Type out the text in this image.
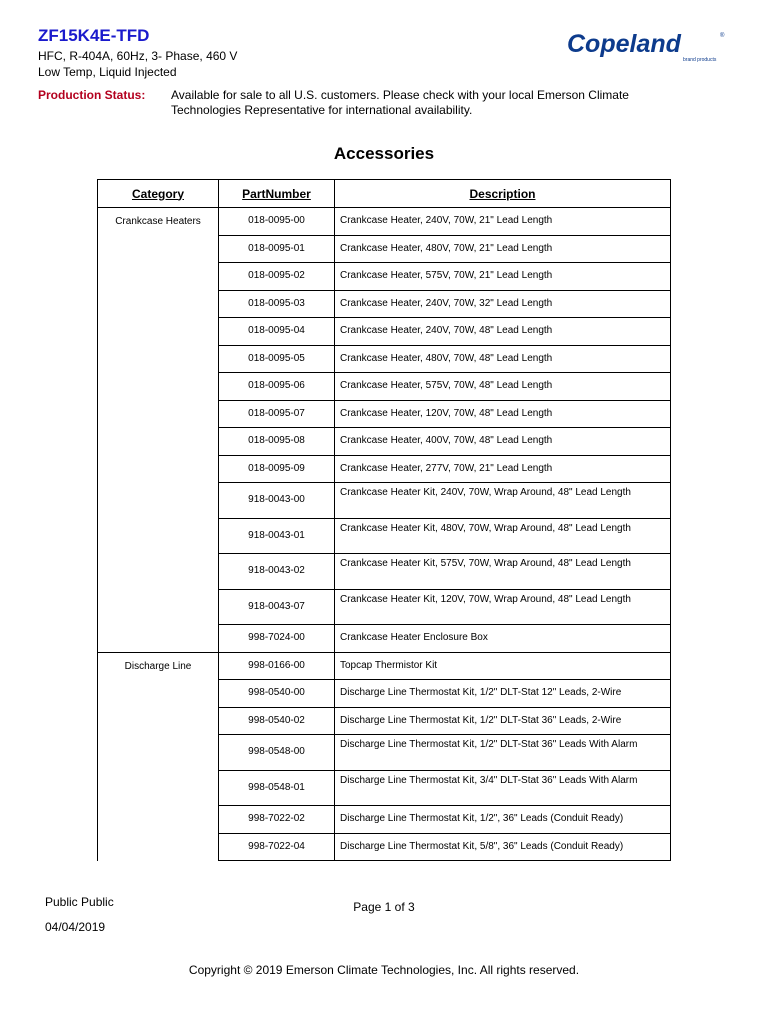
ZF15K4E-TFD
HFC, R-404A, 60Hz, 3- Phase, 460 V
Low Temp, Liquid Injected
Copeland	®
brand products
Production Status: Available for sale to all U.S. customers. Please check with your local Emerson Climate Technologies Representative for international availability.
Accessories
Category	PartNumber	Description
Crankcase Heaters	018-0095-00	Crankcase Heater, 240V, 70W, 21" Lead Length
	018-0095-01	Crankcase Heater, 480V, 70W, 21" Lead Length
	018-0095-02	Crankcase Heater, 575V, 70W, 21" Lead Length
	018-0095-03	Crankcase Heater, 240V, 70W, 32" Lead Length
	018-0095-04	Crankcase Heater, 240V, 70W, 48" Lead Length
	018-0095-05	Crankcase Heater, 480V, 70W, 48" Lead Length
	018-0095-06	Crankcase Heater, 575V, 70W, 48" Lead Length
	018-0095-07	Crankcase Heater, 120V, 70W, 48" Lead Length
	018-0095-08	Crankcase Heater, 400V, 70W, 48" Lead Length
	018-0095-09	Crankcase Heater, 277V, 70W, 21" Lead Length
	918-0043-00	Crankcase Heater Kit, 240V, 70W, Wrap Around, 48" Lead Length
	918-0043-01	Crankcase Heater Kit, 480V, 70W, Wrap Around, 48" Lead Length
	918-0043-02	Crankcase Heater Kit, 575V, 70W, Wrap Around, 48" Lead Length
	918-0043-07	Crankcase Heater Kit, 120V, 70W, Wrap Around, 48" Lead Length
	998-7024-00	Crankcase Heater Enclosure Box
Discharge Line	998-0166-00	Topcap Thermistor Kit
	998-0540-00	Discharge Line Thermostat Kit, 1/2" DLT-Stat 12" Leads, 2-Wire
	998-0540-02	Discharge Line Thermostat Kit, 1/2" DLT-Stat 36" Leads, 2-Wire
	998-0548-00	Discharge Line Thermostat Kit, 1/2" DLT-Stat 36" Leads With Alarm
	998-0548-01	Discharge Line Thermostat Kit, 3/4" DLT-Stat 36" Leads With Alarm
	998-7022-02	Discharge Line Thermostat Kit, 1/2", 36" Leads (Conduit Ready)
	998-7022-04	Discharge Line Thermostat Kit, 5/8", 36" Leads (Conduit Ready)
Public Public
04/04/2019
Page 1 of 3
Copyright © 2019 Emerson Climate Technologies, Inc. All rights reserved.
